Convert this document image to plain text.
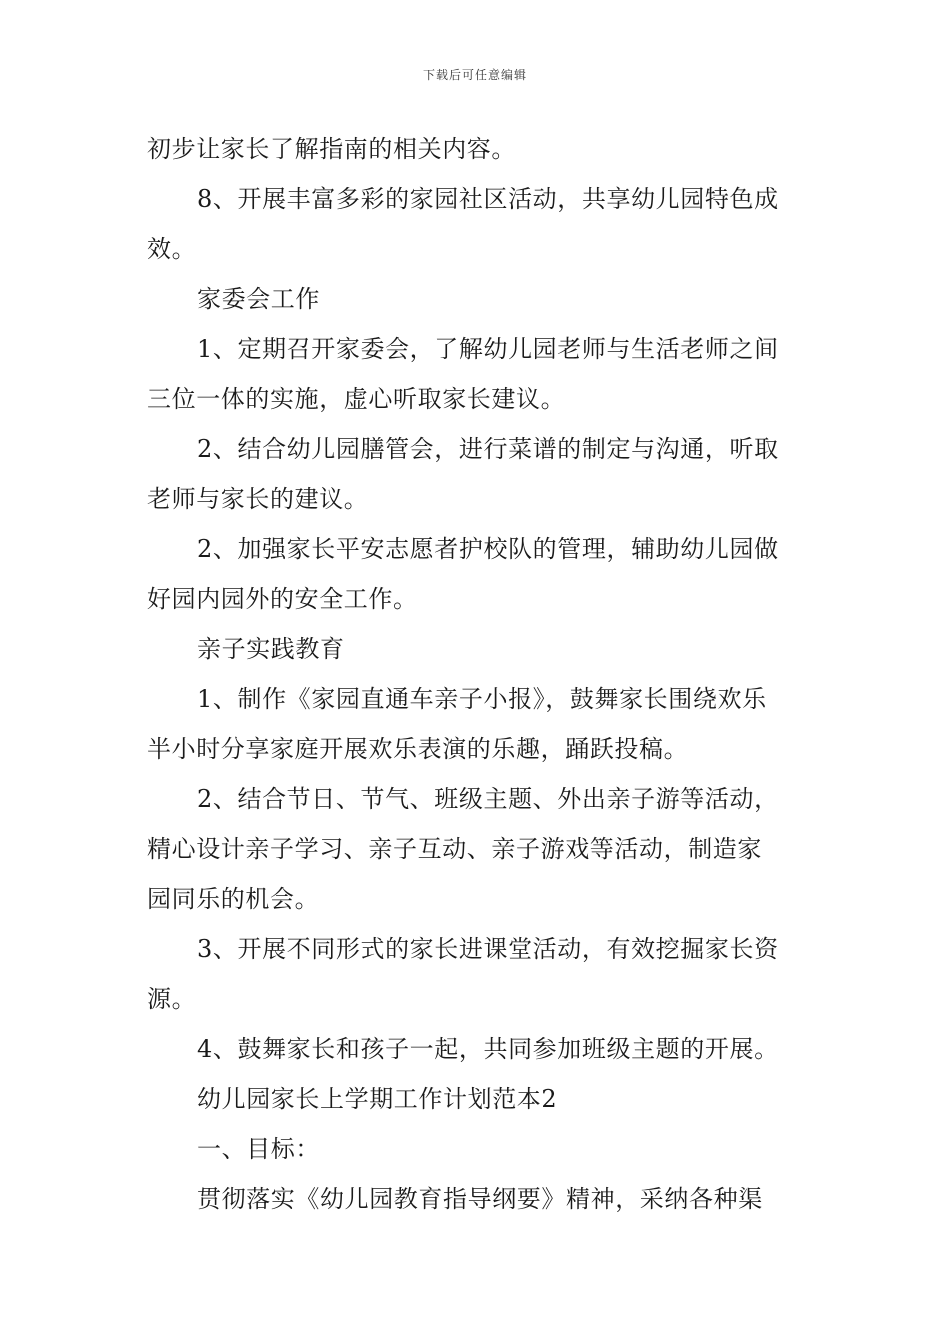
下载后可任意编辑
初步让家长了解指南的相关内容。
8、开展丰富多彩的家园社区活动，共享幼儿园特色成
效。
家委会工作
1、定期召开家委会，了解幼儿园老师与生活老师之间
三位一体的实施，虚心听取家长建议。
2、结合幼儿园膳管会，进行菜谱的制定与沟通，听取
老师与家长的建议。
2、加强家长平安志愿者护校队的管理，辅助幼儿园做
好园内园外的安全工作。
亲子实践教育
1、制作《家园直通车亲子小报》，鼓舞家长围绕欢乐
半小时分享家庭开展欢乐表演的乐趣，踊跃投稿。
2、结合节日、节气、班级主题、外出亲子游等活动，
精心设计亲子学习、亲子互动、亲子游戏等活动，制造家
园同乐的机会。
3、开展不同形式的家长进课堂活动，有效挖掘家长资
源。
4、鼓舞家长和孩子一起，共同参加班级主题的开展。
幼儿园家长上学期工作计划范本2
一、目标：
贯彻落实《幼儿园教育指导纲要》精神，采纳各种渠
